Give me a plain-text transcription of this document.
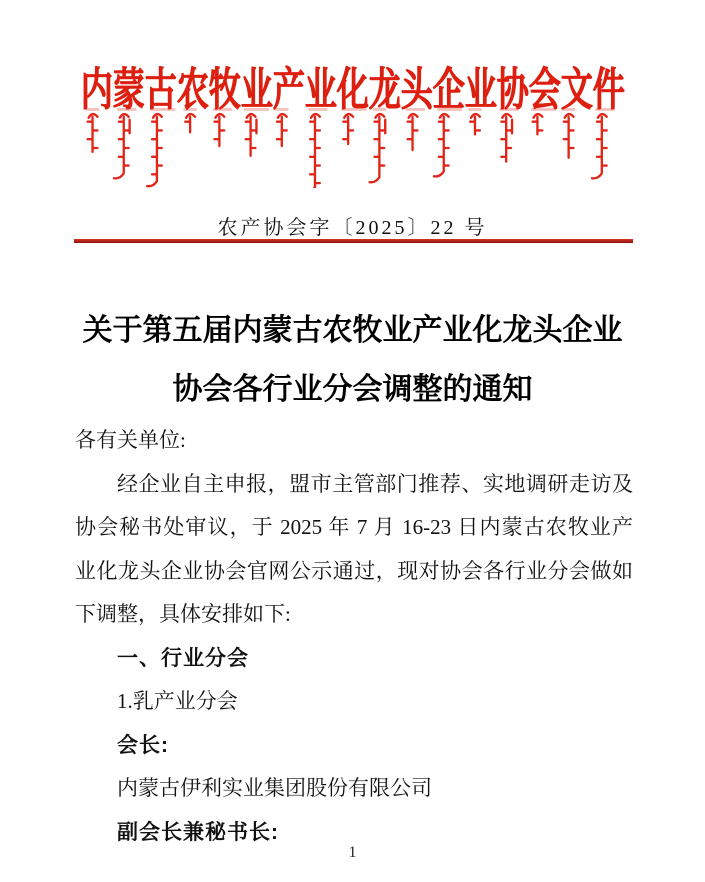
内蒙古农牧业产业化龙头企业协会文件
农产协会字〔2025〕22 号
关于第五届内蒙古农牧业产业化龙头企业
协会各行业分会调整的通知
各有关单位:
经企业自主申报，盟市主管部门推荐、实地调研走访及
协会秘书处审议，于 2025 年 7 月 16-23 日内蒙古农牧业产
业化龙头企业协会官网公示通过，现对协会各行业分会做如
下调整，具体安排如下:
一、行业分会
1.乳产业分会
会长:
内蒙古伊利实业集团股份有限公司
副会长兼秘书长:
1
